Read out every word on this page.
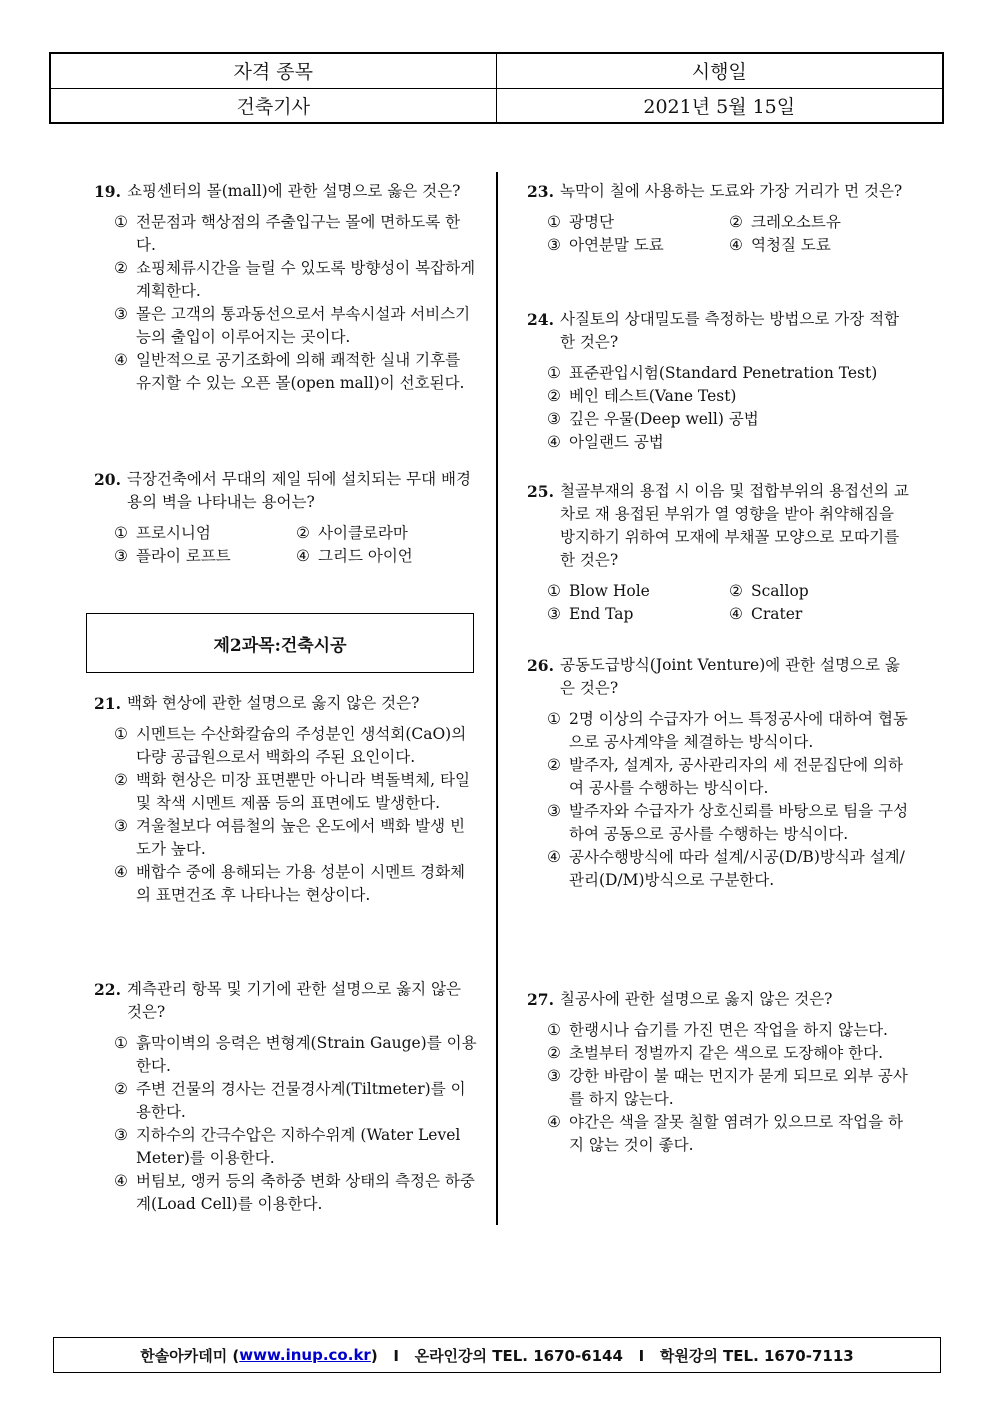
자격 종목	시행일
건축기사	2021년 5월 15일
19. 쇼핑센터의 몰(mall)에 관한 설명으로 옳은 것은?
① 전문점과 핵상점의 주출입구는 몰에 면하도록 한다.
② 쇼핑체류시간을 늘릴 수 있도록 방향성이 복잡하게 계획한다.
③ 몰은 고객의 통과동선으로서 부속시설과 서비스기능의 출입이 이루어지는 곳이다.
④ 일반적으로 공기조화에 의해 쾌적한 실내 기후를 유지할 수 있는 오픈 몰(open mall)이 선호된다.
20. 극장건축에서 무대의 제일 뒤에 설치되는 무대 배경용의 벽을 나타내는 용어는?
① 프로시니엄	② 사이클로라마
③ 플라이 로프트	④ 그리드 아이언
21. 백화 현상에 관한 설명으로 옳지 않은 것은?
① 시멘트는 수산화칼슘의 주성분인 생석회(CaO)의 다량 공급원으로서 백화의 주된 요인이다.
② 백화 현상은 미장 표면뿐만 아니라 벽돌벽체, 타일 및 착색 시멘트 제품 등의 표면에도 발생한다.
③ 겨울철보다 여름철의 높은 온도에서 백화 발생 빈도가 높다.
④ 배합수 중에 용해되는 가용 성분이 시멘트 경화체의 표면건조 후 나타나는 현상이다.
22. 계측관리 항목 및 기기에 관한 설명으로 옳지 않은 것은?
① 흙막이벽의 응력은 변형계(Strain Gauge)를 이용한다.
② 주변 건물의 경사는 건물경사계(Tiltmeter)를 이용한다.
③ 지하수의 간극수압은 지하수위계 (Water Level Meter)를 이용한다.
④ 버팀보, 앵커 등의 축하중 변화 상태의 측정은 하중계(Load Cell)를 이용한다.
제2과목:건축시공
23. 녹막이 칠에 사용하는 도료와 가장 거리가 먼 것은?
① 광명단	② 크레오소트유
③ 아연분말 도료	④ 역청질 도료
24. 사질토의 상대밀도를 측정하는 방법으로 가장 적합한 것은?
① 표준관입시험(Standard Penetration Test)
② 베인 테스트(Vane Test)
③ 깊은 우물(Deep well) 공법
④ 아일랜드 공법
25. 철골부재의 용접 시 이음 및 접합부위의 용접선의 교차로 재 용접된 부위가 열 영향을 받아 취약해짐을 방지하기 위하여 모재에 부채꼴 모양으로 모따기를 한 것은?
① Blow Hole	② Scallop
③ End Tap	④ Crater
26. 공동도급방식(Joint Venture)에 관한 설명으로 옳은 것은?
① 2명 이상의 수급자가 어느 특정공사에 대하여 협동으로 공사계약을 체결하는 방식이다.
② 발주자, 설계자, 공사관리자의 세 전문집단에 의하여 공사를 수행하는 방식이다.
③ 발주자와 수급자가 상호신뢰를 바탕으로 팀을 구성하여 공동으로 공사를 수행하는 방식이다.
④ 공사수행방식에 따라 설계/시공(D/B)방식과 설계/관리(D/M)방식으로 구분한다.
27. 칠공사에 관한 설명으로 옳지 않은 것은?
① 한랭시나 습기를 가진 면은 작업을 하지 않는다.
② 초벌부터 정벌까지 같은 색으로 도장해야 한다.
③ 강한 바람이 불 때는 먼지가 묻게 되므로 외부 공사를 하지 않는다.
④ 야간은 색을 잘못 칠할 염려가 있으므로 작업을 하지 않는 것이 좋다.
한솔아카데미 ( www.inup.co.kr )   I   온라인강의 TEL. 1670-6144   I   학원강의 TEL. 1670-7113
